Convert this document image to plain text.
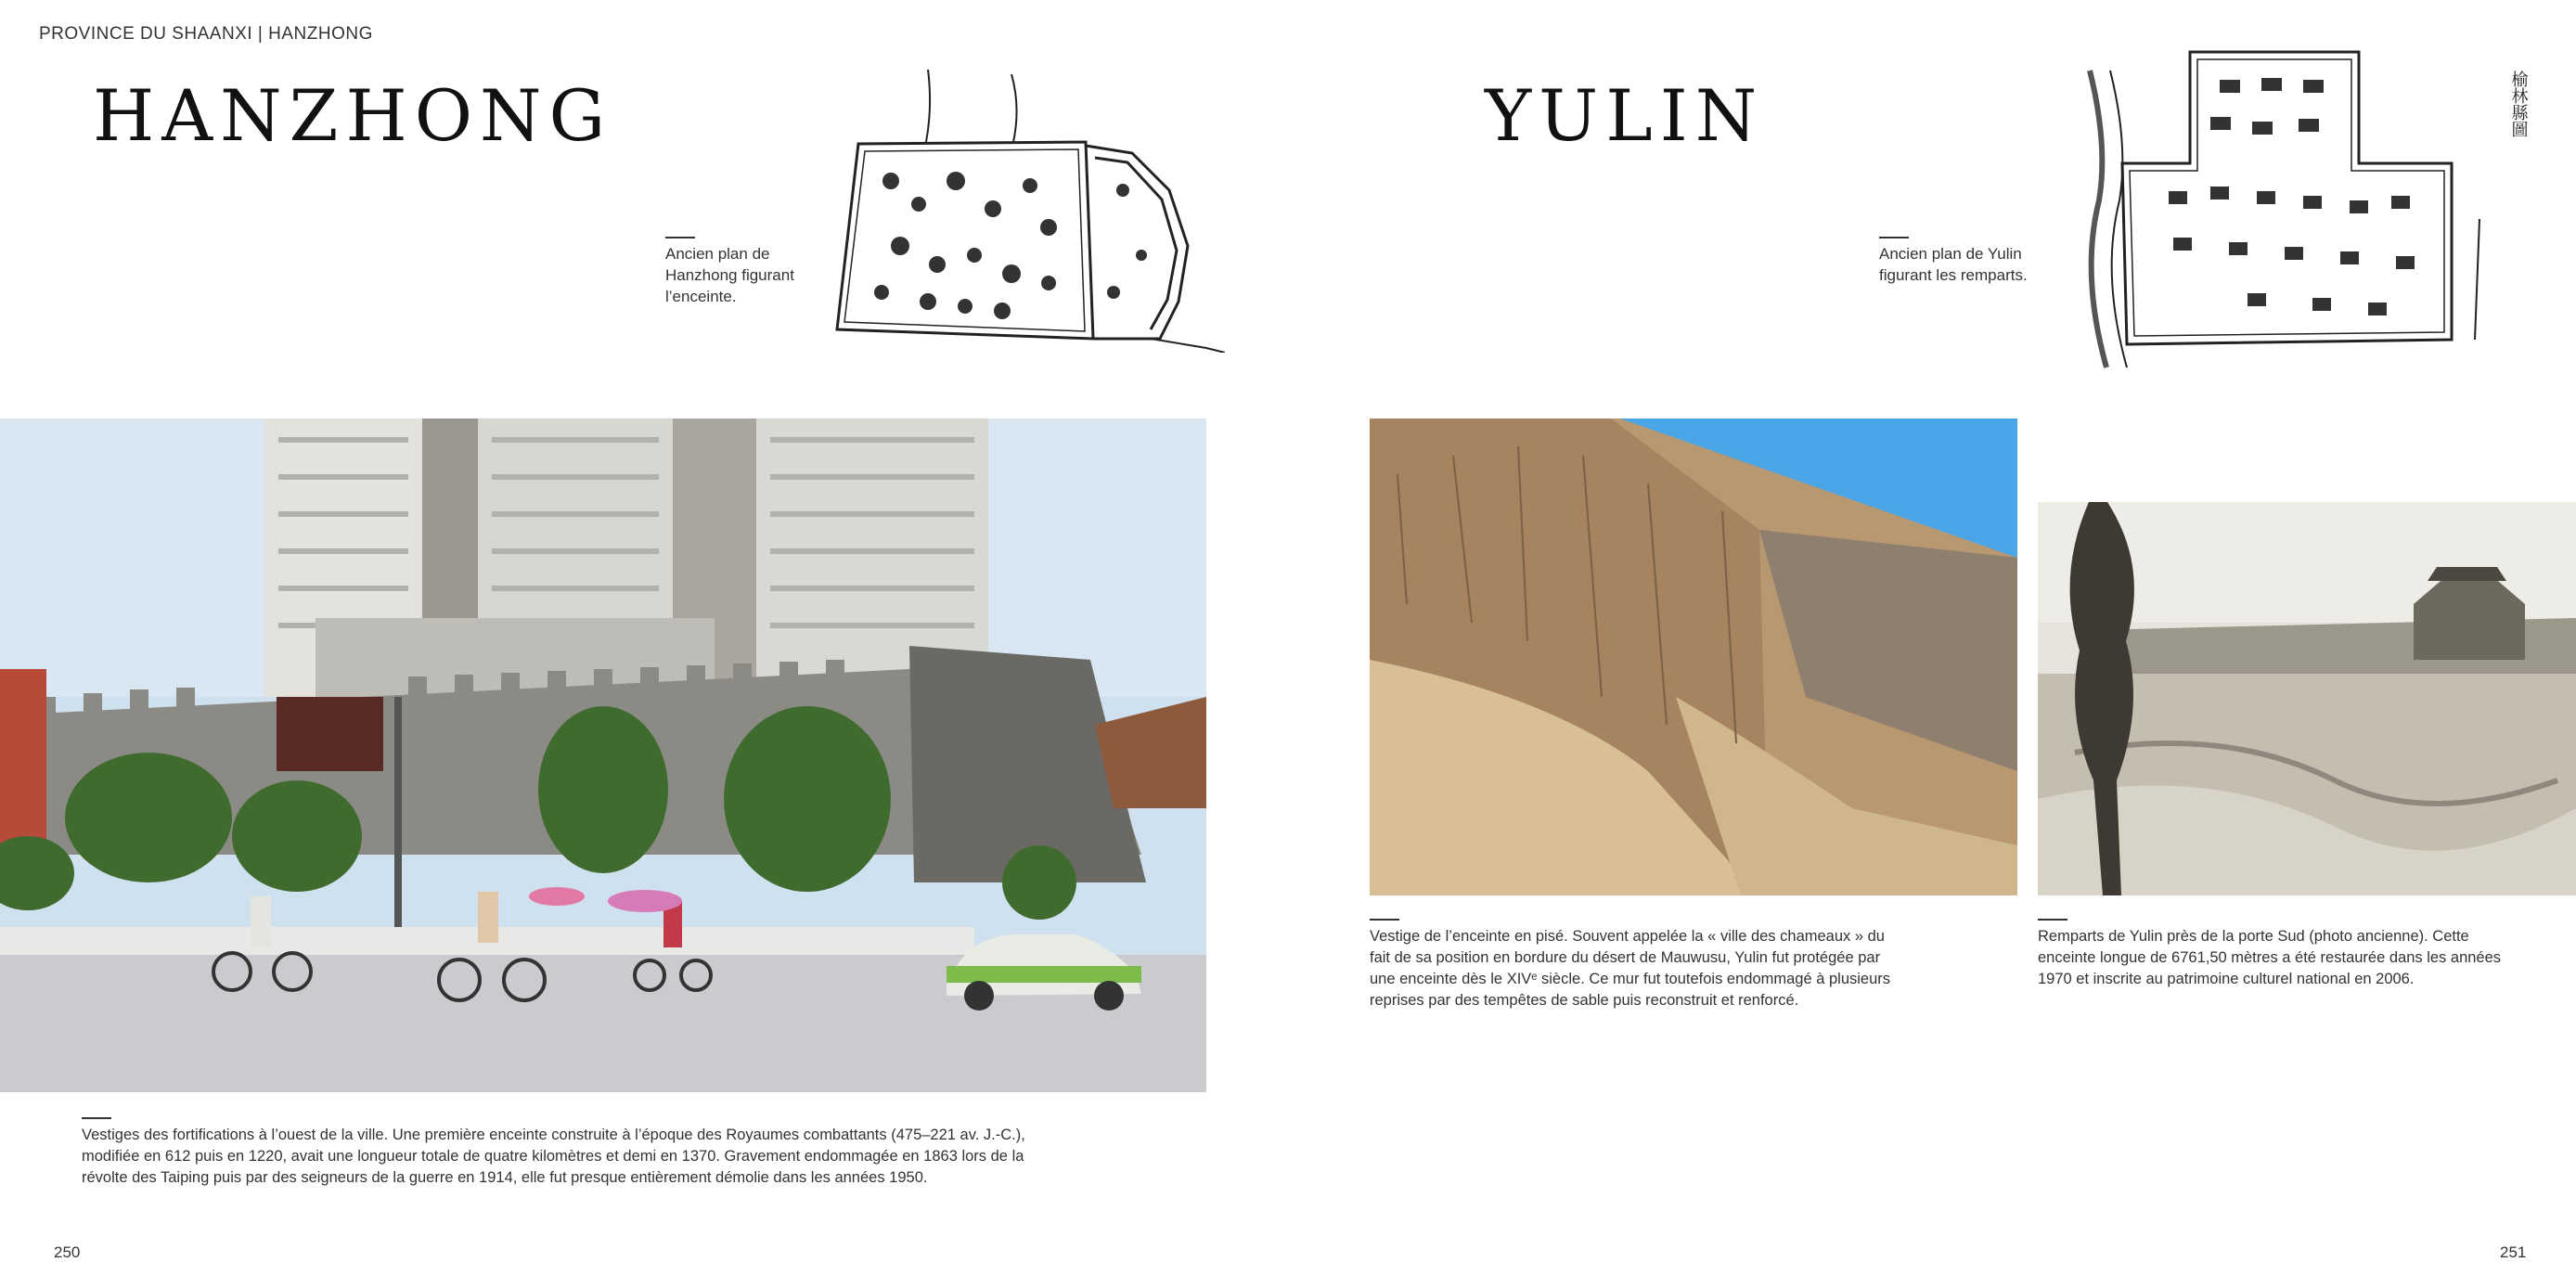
PROVINCE DU SHAANXI | HANZHONG
HANZHONG
Ancien plan de
Hanzhong figurant
l’enceinte.
Vestiges des fortifications à l’ouest de la ville. Une première enceinte construite à l’époque des Royaumes combattants (475–221 av. J.-C.),
modifiée en 612 puis en 1220, avait une longueur totale de quatre kilomètres et demi en 1370. Gravement endommagée en 1863 lors de la
révolte des Taiping puis par des seigneurs de la guerre en 1914, elle fut presque entièrement démolie dans les années 1950.
250
YULIN
Ancien plan de Yulin
figurant les remparts.
榆林縣圖
Vestige de l’enceinte en pisé. Souvent appelée la « ville des chameaux » du
fait de sa position en bordure du désert de Mauwusu, Yulin fut protégée par
une enceinte dès le XIVᵉ siècle. Ce mur fut toutefois endommagé à plusieurs
reprises par des tempêtes de sable puis reconstruit et renforcé.
Remparts de Yulin près de la porte Sud (photo ancienne). Cette
enceinte longue de 6761,50 mètres a été restaurée dans les années
1970 et inscrite au patrimoine culturel national en 2006.
251
